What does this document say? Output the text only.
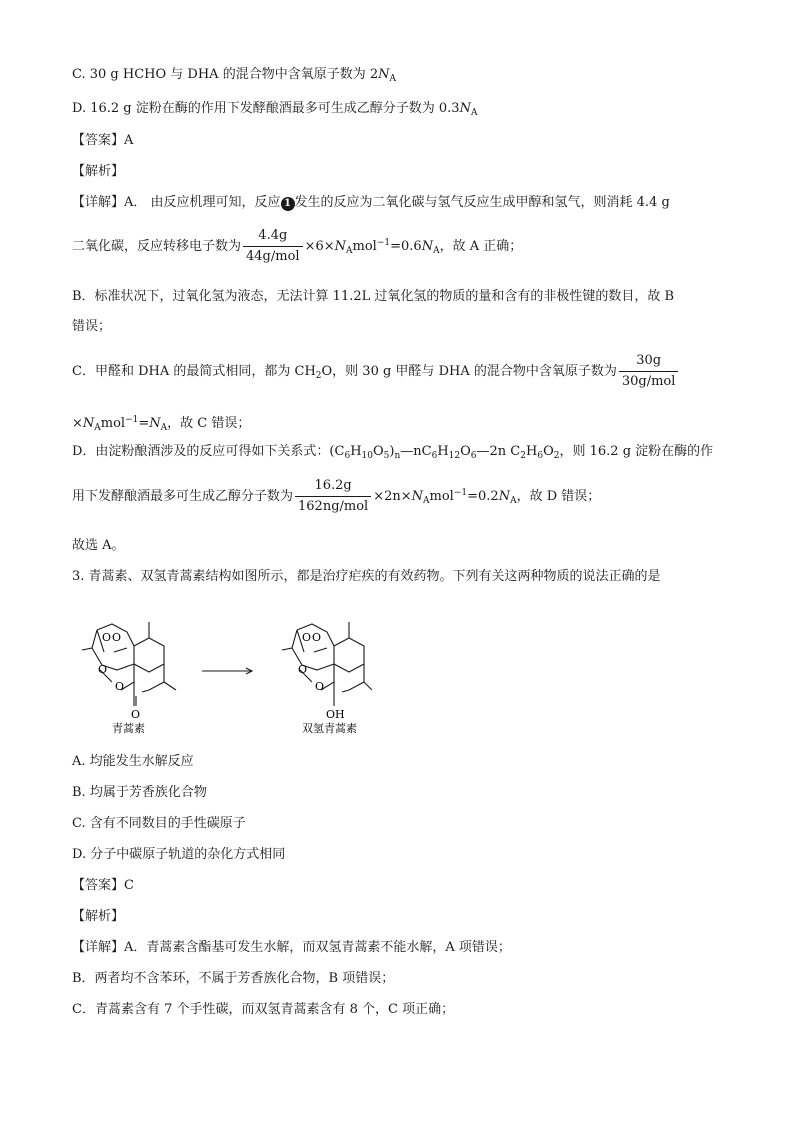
C. 30 g HCHO 与 DHA 的混合物中含氧原子数为 $2N_A$
D. 16.2 g 淀粉在酶的作用下发酵酿酒最多可生成乙醇分子数为 $0.3N_A$
【答案】A
【解析】
【详解】A． 由反应机理可知，反应 1 发生的反应为二氧化碳与氢气反应生成甲醇和氢气，则消耗 4.4 g
二氧化碳，反应转移电子数为 $\frac{4.4g}{\text{44g/mol}} \times 6\times N_Amol^{-1}=0.6N_A$，故 A 正确；
B．标准状况下，过氧化氢为液态，无法计算 11.2L 过氧化氢的物质的量和含有的非极性键的数目，故 B
错误；
C．甲醛和 DHA 的最简式相同，都为 $CH_2O$，则 30 g 甲醛与 DHA 的混合物中含氧原子数为 $\frac{30g}{\text{30g/mol}}$
$\times N_Amol^{-1}=N_A$，故 C 错误；
D．由淀粉酿酒涉及的反应可得如下关系式：$(C_6H_{10}O_5)_n—nC_6H_{12}O_6—2n$ $C_2H_6O_2$，则 16.2 g 淀粉在酶的作
用下发酵酿酒最多可生成乙醇分子数为 $\frac{16.2g}{\text{162ng/mol}} \times 2n\times N_Amol^{-1}=0.2N_A$，故 D 错误；
故选 A。
3. 青蒿素、双氢青蒿素结构如图所示，都是治疗疟疾的有效药物。下列有关这两种物质的说法正确的是
O O
O
O
O
青蒿素
O O
O
O
OH
双氢青蒿素
A. 均能发生水解反应
B. 均属于芳香族化合物
C. 含有不同数目的手性碳原子
D. 分子中碳原子轨道的杂化方式相同
【答案】C
【解析】
【详解】A．青蒿素含酯基可发生水解，而双氢青蒿素不能水解，A 项错误；
B．两者均不含苯环，不属于芳香族化合物，B 项错误；
C．青蒿素含有 7 个手性碳，而双氢青蒿素含有 8 个，C 项正确；
